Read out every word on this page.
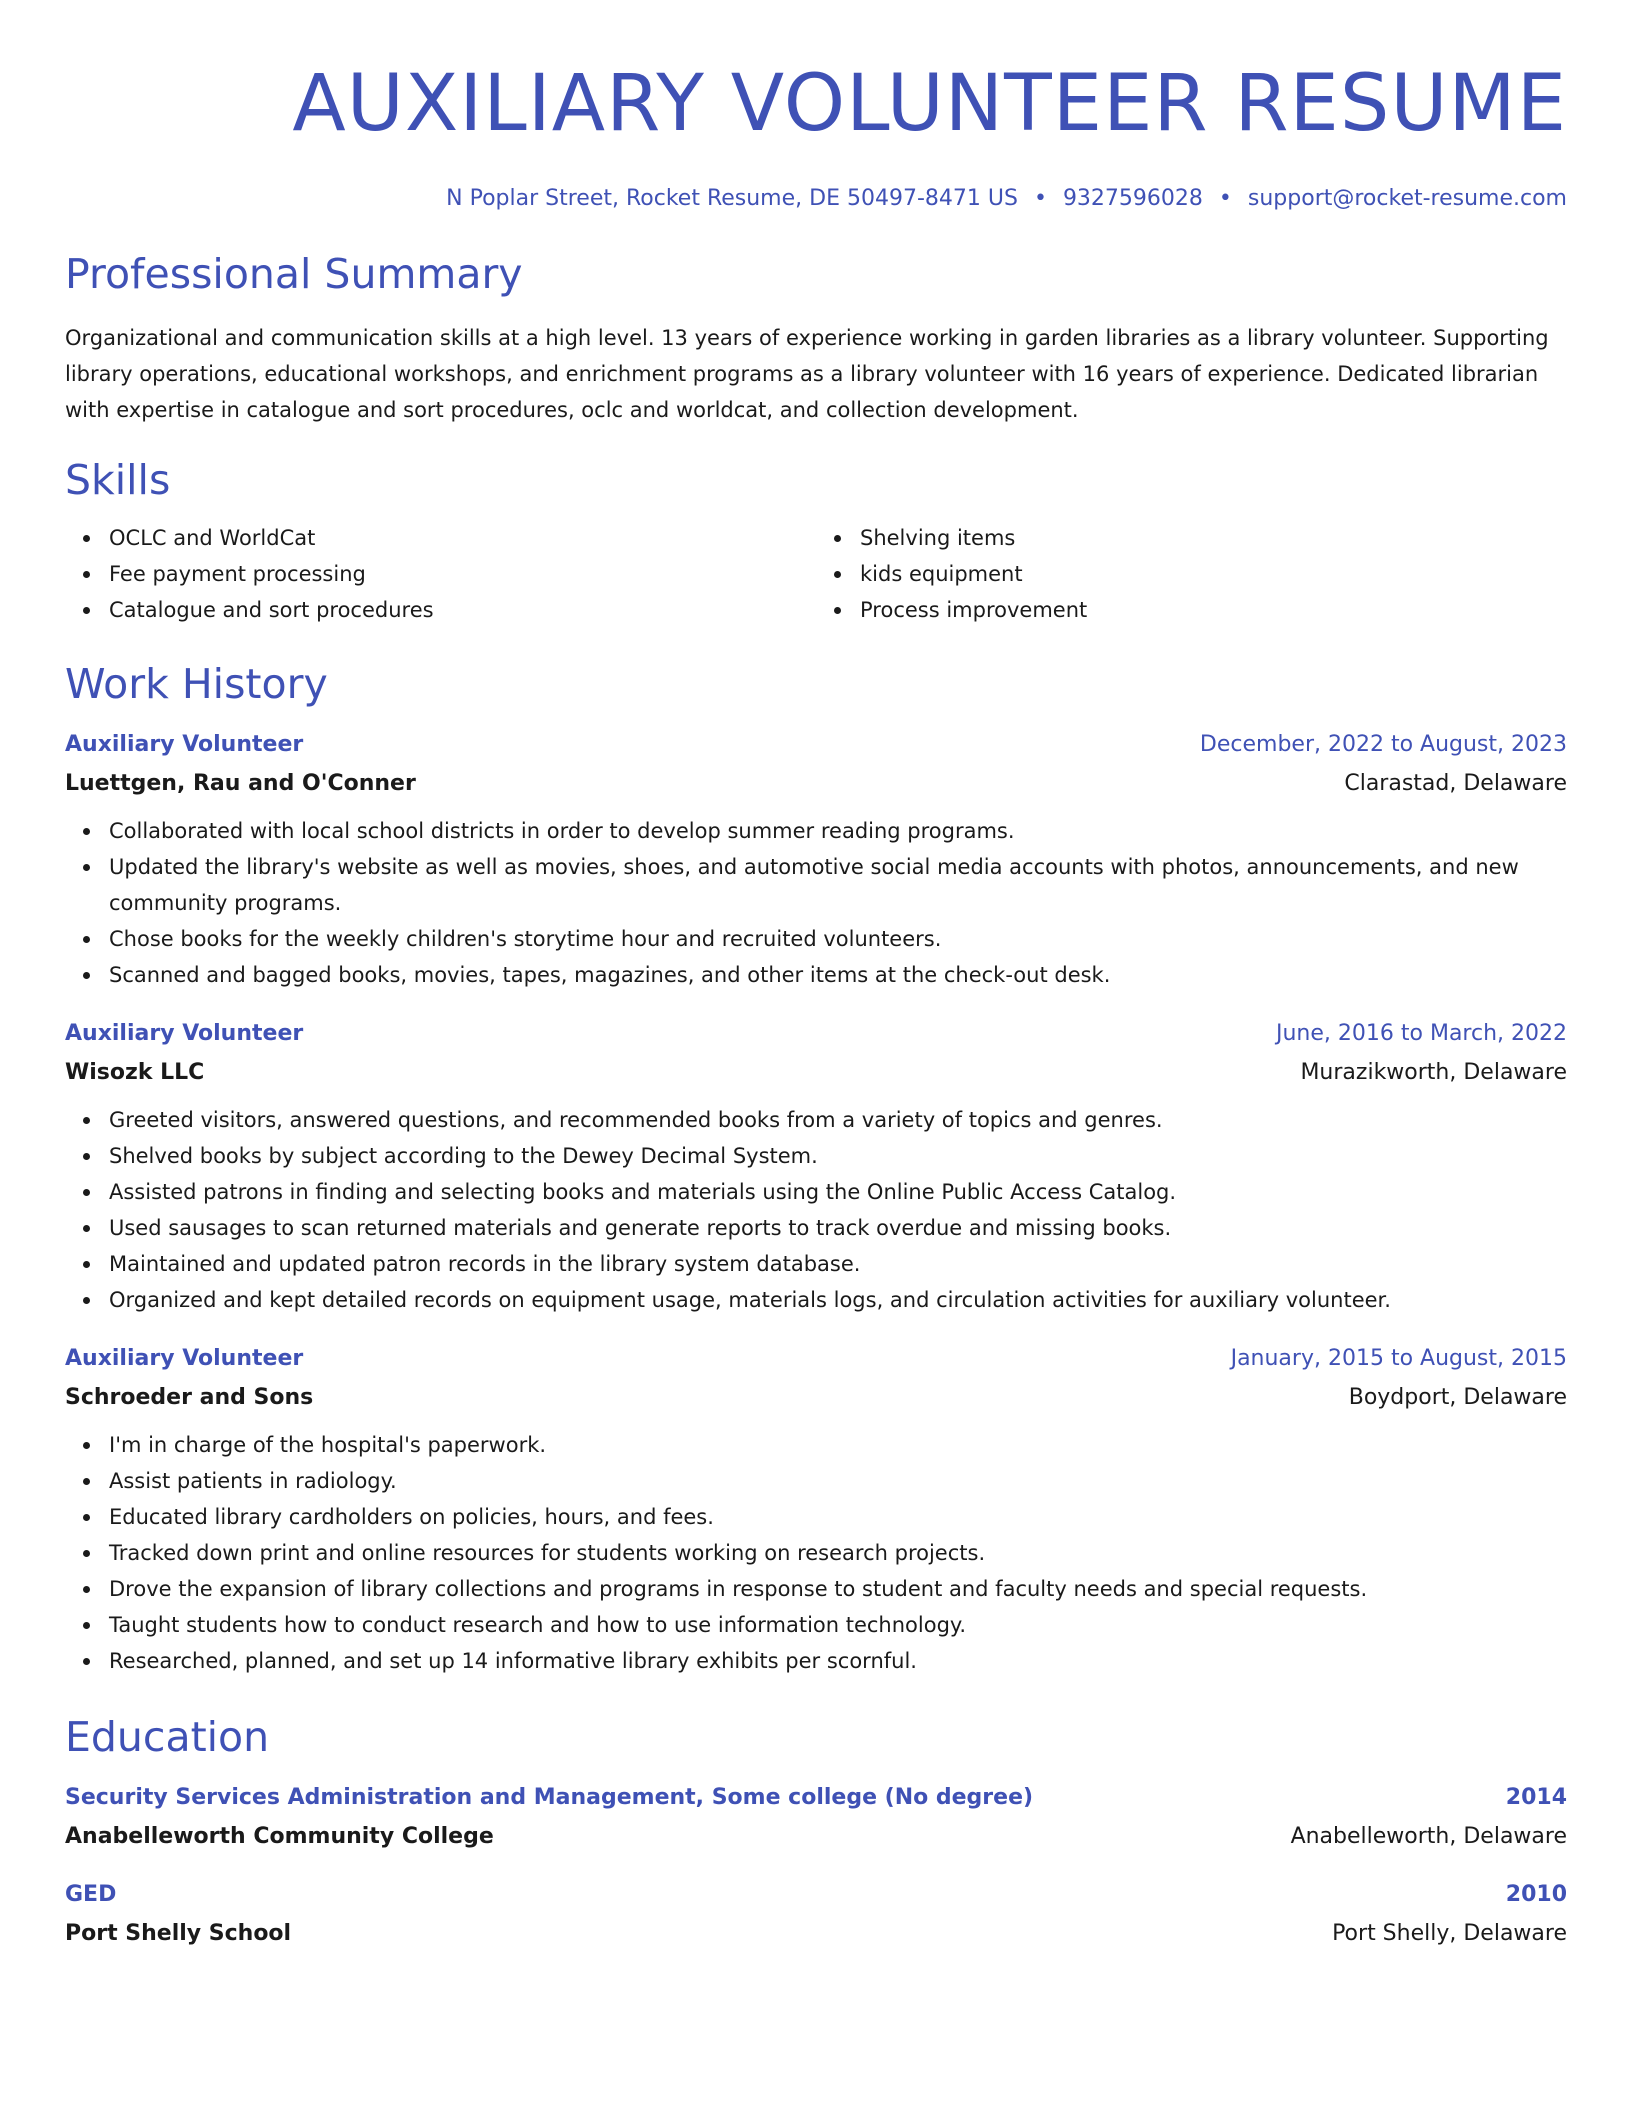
AUXILIARY VOLUNTEER RESUME
N Poplar Street, Rocket Resume, DE 50497-8471 US • 9327596028 • support@rocket-resume.com
Professional Summary
Organizational and communication skills at a high level. 13 years of experience working in garden libraries as a library volunteer. Supporting library operations, educational workshops, and enrichment programs as a library volunteer with 16 years of experience. Dedicated librarian with expertise in catalogue and sort procedures, oclc and worldcat, and collection development.
Skills
OCLC and WorldCat
Fee payment processing
Catalogue and sort procedures
Shelving items
kids equipment
Process improvement
Work History
Auxiliary Volunteer	December, 2022 to August, 2023
Luettgen, Rau and O'Conner	Clarastad, Delaware
Collaborated with local school districts in order to develop summer reading programs.
Updated the library's website as well as movies, shoes, and automotive social media accounts with photos, announcements, and new community programs.
Chose books for the weekly children's storytime hour and recruited volunteers.
Scanned and bagged books, movies, tapes, magazines, and other items at the check-out desk.
Auxiliary Volunteer	June, 2016 to March, 2022
Wisozk LLC	Murazikworth, Delaware
Greeted visitors, answered questions, and recommended books from a variety of topics and genres.
Shelved books by subject according to the Dewey Decimal System.
Assisted patrons in finding and selecting books and materials using the Online Public Access Catalog.
Used sausages to scan returned materials and generate reports to track overdue and missing books.
Maintained and updated patron records in the library system database.
Organized and kept detailed records on equipment usage, materials logs, and circulation activities for auxiliary volunteer.
Auxiliary Volunteer	January, 2015 to August, 2015
Schroeder and Sons	Boydport, Delaware
I'm in charge of the hospital's paperwork.
Assist patients in radiology.
Educated library cardholders on policies, hours, and fees.
Tracked down print and online resources for students working on research projects.
Drove the expansion of library collections and programs in response to student and faculty needs and special requests.
Taught students how to conduct research and how to use information technology.
Researched, planned, and set up 14 informative library exhibits per scornful.
Education
Security Services Administration and Management, Some college (No degree)	2014
Anabelleworth Community College	Anabelleworth, Delaware
GED	2010
Port Shelly School	Port Shelly, Delaware
